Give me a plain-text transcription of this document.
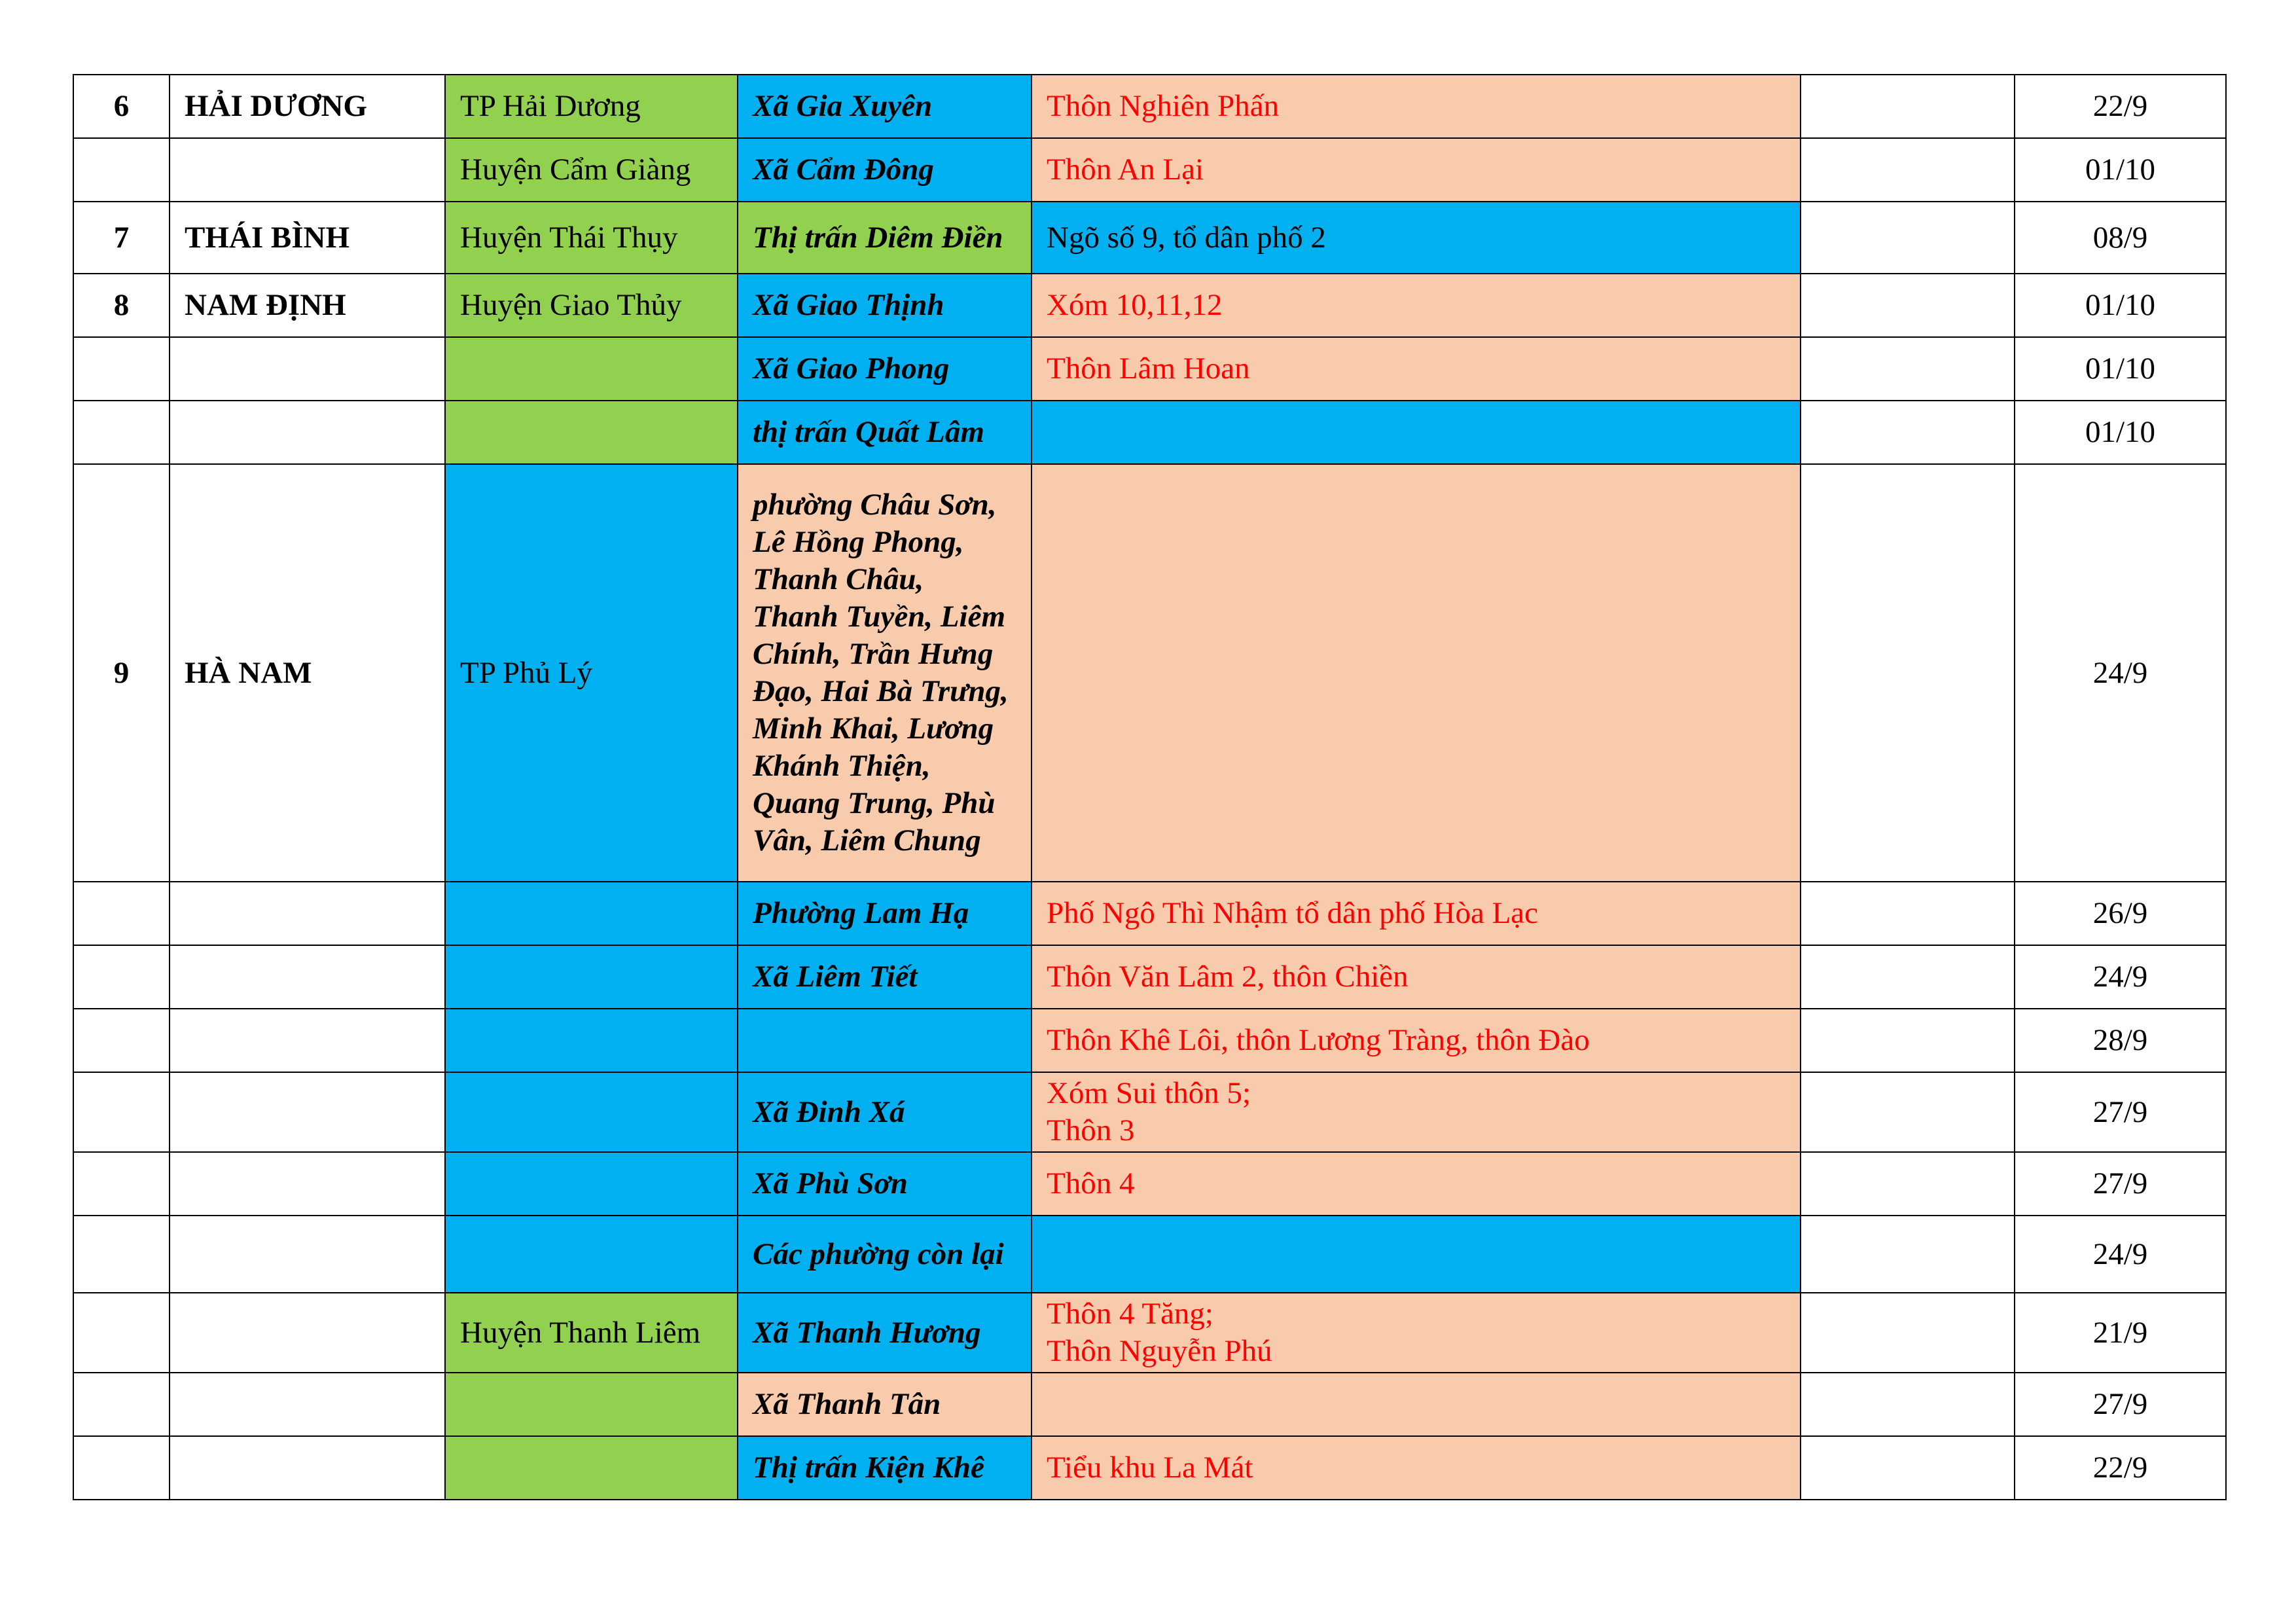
6	HẢI DƯƠNG	TP Hải Dương	Xã Gia Xuyên	Thôn Nghiên Phấn		22/9
		Huyện Cẩm Giàng	Xã Cẩm Đông	Thôn An Lại		01/10
7	THÁI BÌNH	Huyện Thái Thụy	Thị trấn Diêm Điền	Ngõ số 9, tổ dân phố 2		08/9
8	NAM ĐỊNH	Huyện Giao Thủy	Xã Giao Thịnh	Xóm 10,11,12		01/10
			Xã Giao Phong	Thôn Lâm Hoan		01/10
			thị trấn Quất Lâm			01/10
9	HÀ NAM	TP Phủ Lý	phường Châu Sơn, Lê Hồng Phong, Thanh Châu, Thanh Tuyền, Liêm Chính, Trần Hưng Đạo, Hai Bà Trưng, Minh Khai, Lương Khánh Thiện, Quang Trung, Phù Vân, Liêm Chung			24/9
			Phường Lam Hạ	Phố Ngô Thì Nhậm tổ dân phố Hòa Lạc		26/9
			Xã Liêm Tiết	Thôn Văn Lâm 2, thôn Chiền		24/9
				Thôn Khê Lôi, thôn Lương Tràng, thôn Đào		28/9
			Xã Đinh Xá	Xóm Sui thôn 5;
Thôn 3		27/9
			Xã Phù Sơn	Thôn 4		27/9
			Các phường còn lại			24/9
		Huyện Thanh Liêm	Xã Thanh Hương	Thôn 4 Tăng;
Thôn Nguyễn Phú		21/9
			Xã Thanh Tân			27/9
			Thị trấn Kiện Khê	Tiểu khu La Mát		22/9
